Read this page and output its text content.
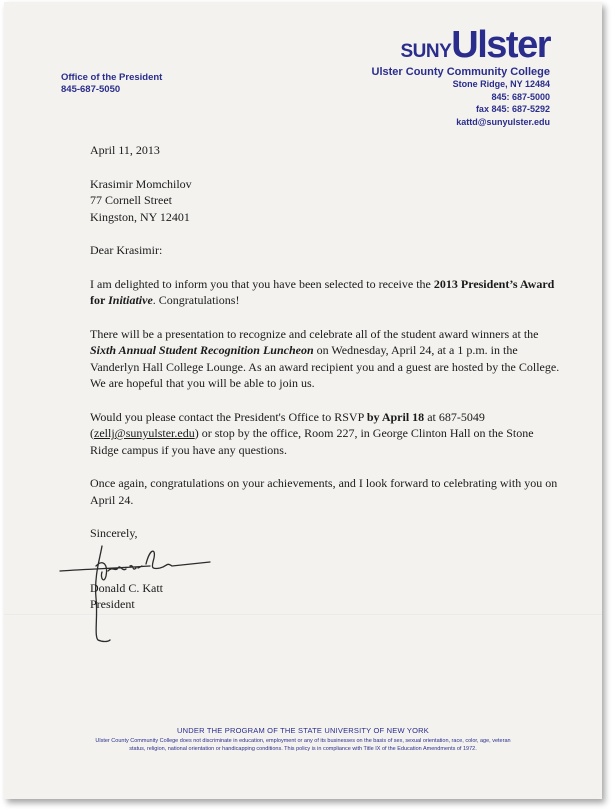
Office of the President
845-687-5050
SUNYUlster
Ulster County Community College
Stone Ridge, NY 12484
845: 687-5000
fax 845: 687-5292
kattd@sunyulster.edu

April 11, 2013

Krasimir Momchilov
77 Cornell Street
Kingston, NY 12401

Dear Krasimir:

I am delighted to inform you that you have been selected to receive the 2013 President’s Award for Initiative. Congratulations!

There will be a presentation to recognize and celebrate all of the student award winners at the Sixth Annual Student Recognition Luncheon on Wednesday, April 24, at a 1 p.m. in the Vanderlyn Hall College Lounge. As an award recipient you and a guest are hosted by the College. We are hopeful that you will be able to join us.

Would you please contact the President's Office to RSVP by April 18 at 687-5049
(zellj@sunyulster.edu) or stop by the office, Room 227, in George Clinton Hall on the Stone Ridge campus if you have any questions.

Once again, congratulations on your achievements, and I look forward to celebrating with you on April 24.

Sincerely,

Donald C. Katt
President
UNDER THE PROGRAM OF THE STATE UNIVERSITY OF NEW YORK
Ulster County Community College does not discriminate in education, employment or any of its businesses on the basis of sex, sexual orientation, race, color, age, veteran status, religion, national orientation or handicapping conditions. This policy is in compliance with Title IX of the Education Amendments of 1972.
